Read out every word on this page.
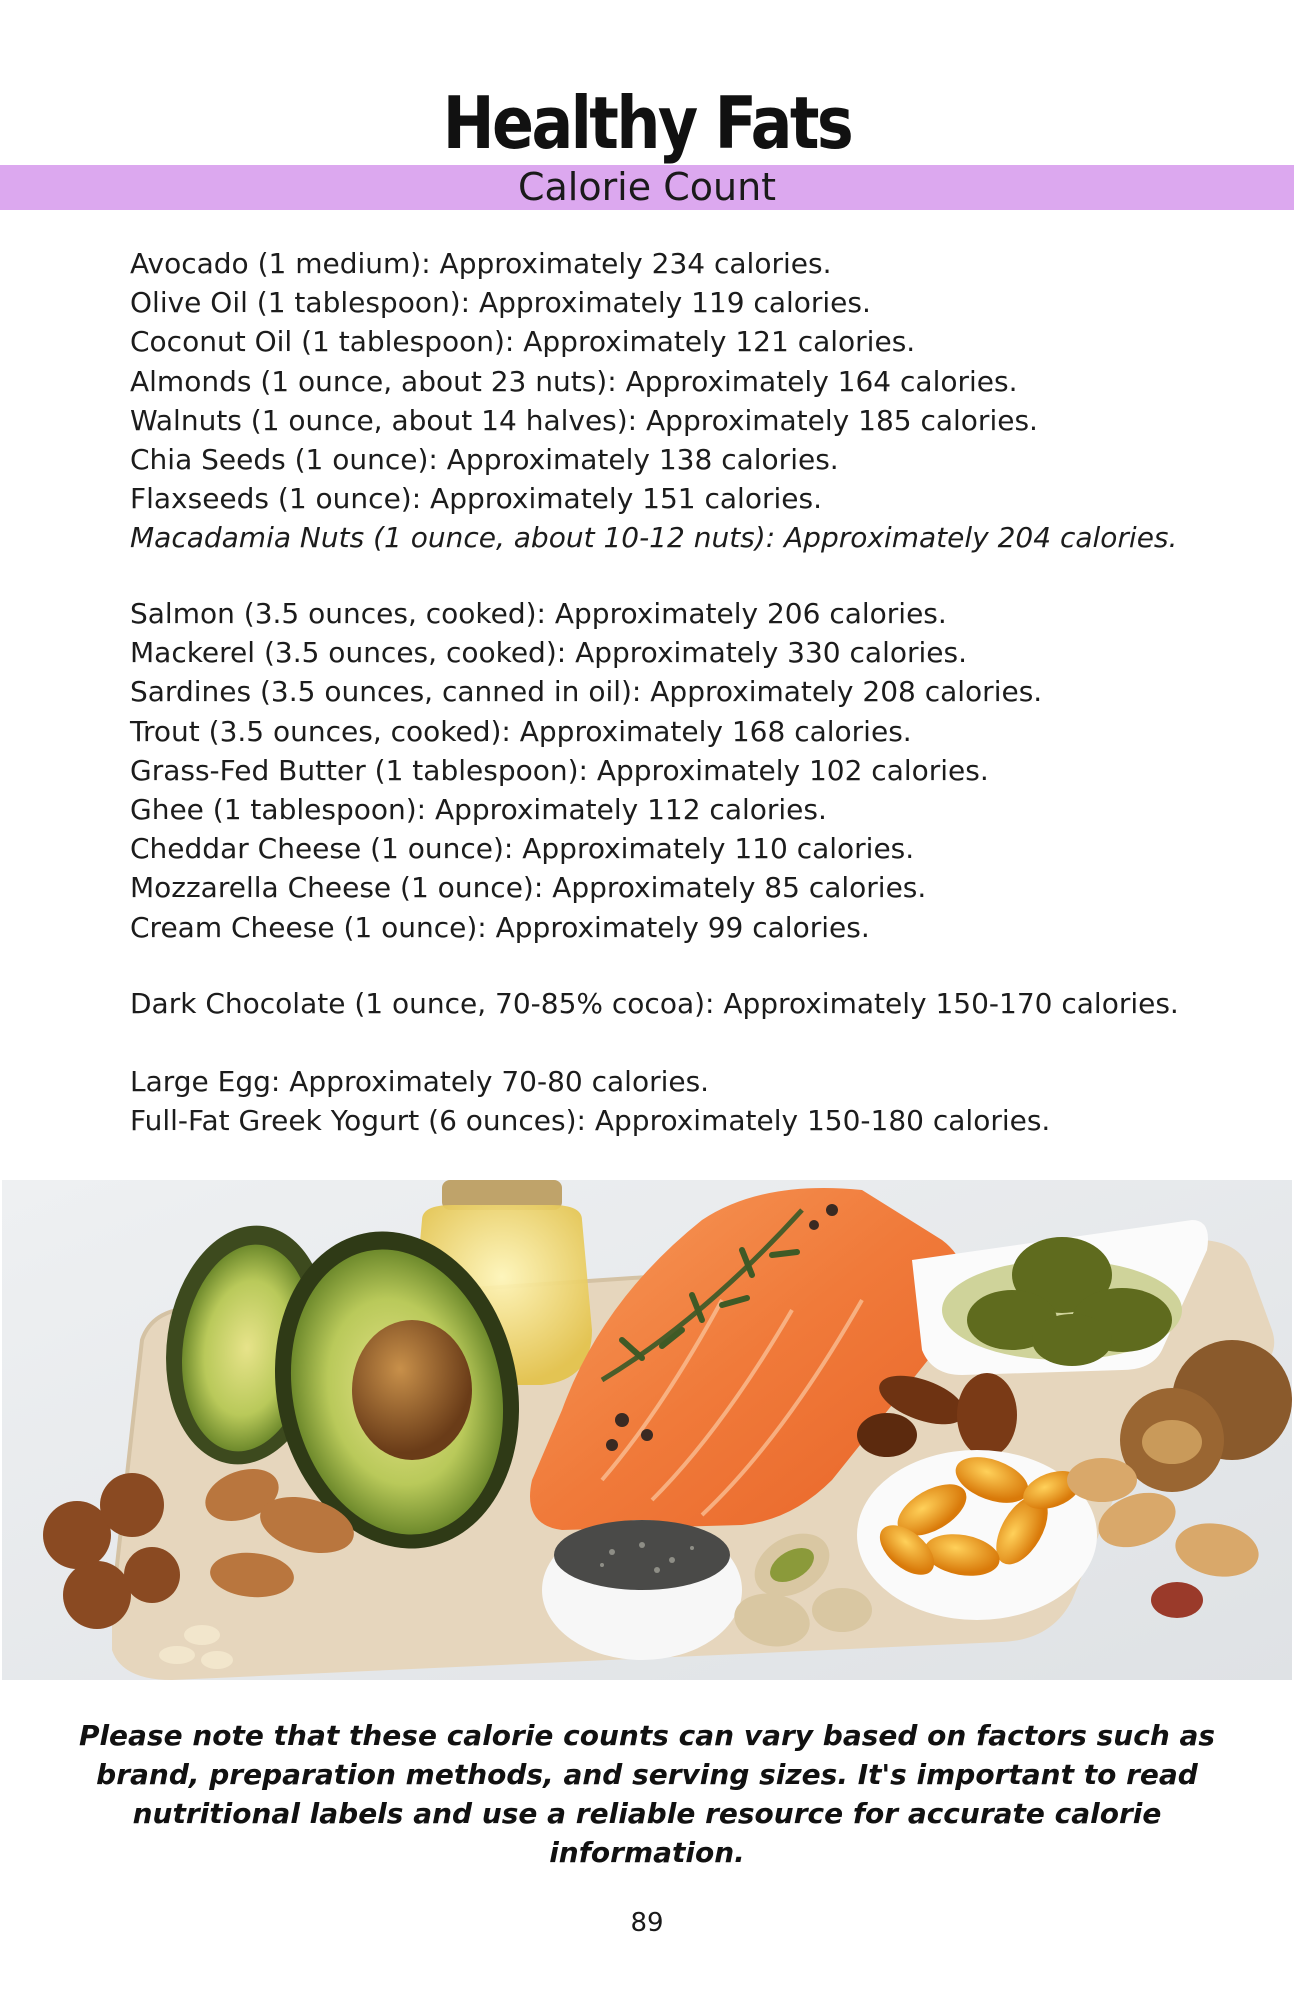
Healthy Fats
Calorie Count
Avocado (1 medium): Approximately 234 calories.
Olive Oil (1 tablespoon): Approximately 119 calories.
Coconut Oil (1 tablespoon): Approximately 121 calories.
Almonds (1 ounce, about 23 nuts): Approximately 164 calories.
Walnuts (1 ounce, about 14 halves): Approximately 185 calories.
Chia Seeds (1 ounce): Approximately 138 calories.
Flaxseeds (1 ounce): Approximately 151 calories.
Macadamia Nuts (1 ounce, about 10-12 nuts): Approximately 204 calories.
Salmon (3.5 ounces, cooked): Approximately 206 calories.
Mackerel (3.5 ounces, cooked): Approximately 330 calories.
Sardines (3.5 ounces, canned in oil): Approximately 208 calories.
Trout (3.5 ounces, cooked): Approximately 168 calories.
Grass-Fed Butter (1 tablespoon): Approximately 102 calories.
Ghee (1 tablespoon): Approximately 112 calories.
Cheddar Cheese (1 ounce): Approximately 110 calories.
Mozzarella Cheese (1 ounce): Approximately 85 calories.
Cream Cheese (1 ounce): Approximately 99 calories.
Dark Chocolate (1 ounce, 70-85% cocoa): Approximately 150-170 calories.
Large Egg: Approximately 70-80 calories.
Full-Fat Greek Yogurt (6 ounces): Approximately 150-180 calories.
Please note that these calorie counts can vary based on factors such as brand, preparation methods, and serving sizes. It's important to read nutritional labels and use a reliable resource for accurate calorie information.
89
